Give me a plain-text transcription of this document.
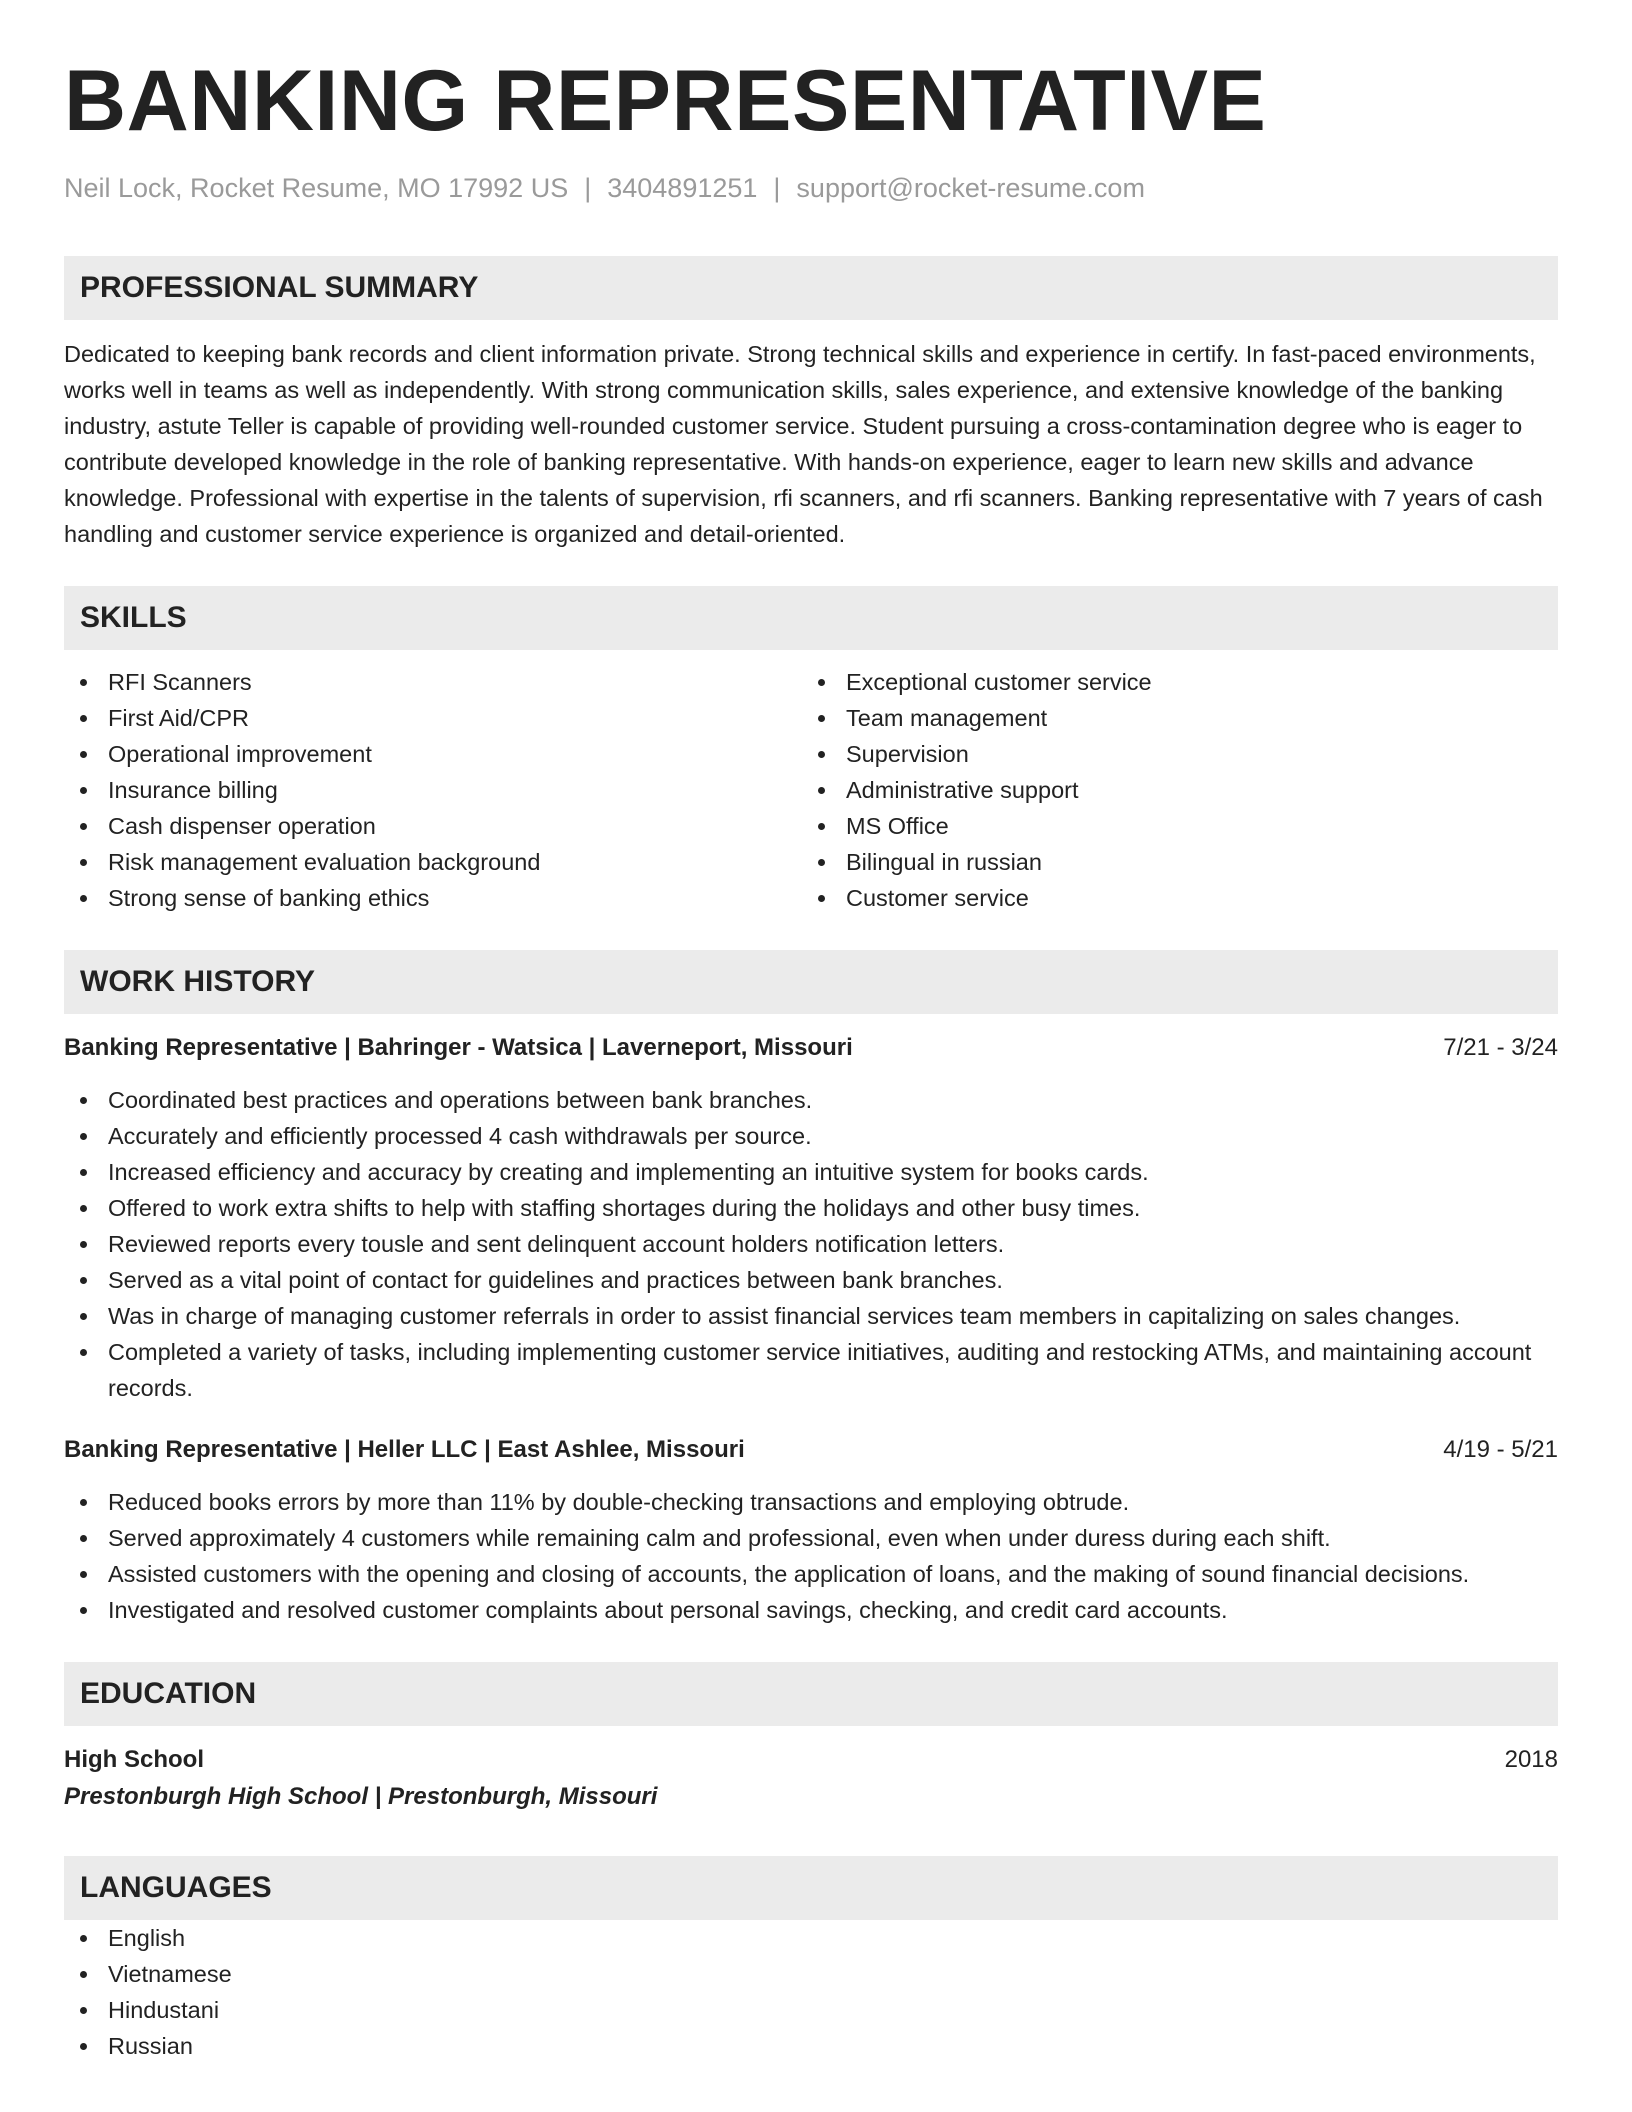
BANKING REPRESENTATIVE
Neil Lock, Rocket Resume, MO 17992 US | 3404891251 | support@rocket-resume.com
PROFESSIONAL SUMMARY

Dedicated to keeping bank records and client information private. Strong technical skills and experience in certify. In fast-paced environments, works well in teams as well as independently. With strong communication skills, sales experience, and extensive knowledge of the banking industry, astute Teller is capable of providing well-rounded customer service. Student pursuing a cross-contamination degree who is eager to contribute developed knowledge in the role of banking representative. With hands-on experience, eager to learn new skills and advance knowledge. Professional with expertise in the talents of supervision, rfi scanners, and rfi scanners. Banking representative with 7 years of cash handling and customer service experience is organized and detail-oriented.

SKILLS
RFI Scanners
First Aid/CPR
Operational improvement
Insurance billing
Cash dispenser operation
Risk management evaluation background
Strong sense of banking ethics
Exceptional customer service
Team management
Supervision
Administrative support
MS Office
Bilingual in russian
Customer service
WORK HISTORY
Banking Representative | Bahringer - Watsica | Laverneport, Missouri	7/21 - 3/24
Coordinated best practices and operations between bank branches.
Accurately and efficiently processed 4 cash withdrawals per source.
Increased efficiency and accuracy by creating and implementing an intuitive system for books cards.
Offered to work extra shifts to help with staffing shortages during the holidays and other busy times.
Reviewed reports every tousle and sent delinquent account holders notification letters.
Served as a vital point of contact for guidelines and practices between bank branches.
Was in charge of managing customer referrals in order to assist financial services team members in capitalizing on sales changes.
Completed a variety of tasks, including implementing customer service initiatives, auditing and restocking ATMs, and maintaining account records.
Banking Representative | Heller LLC | East Ashlee, Missouri	4/19 - 5/21
Reduced books errors by more than 11% by double-checking transactions and employing obtrude.
Served approximately 4 customers while remaining calm and professional, even when under duress during each shift.
Assisted customers with the opening and closing of accounts, the application of loans, and the making of sound financial decisions.
Investigated and resolved customer complaints about personal savings, checking, and credit card accounts.
EDUCATION
High School	2018
Prestonburgh High School | Prestonburgh, Missouri
LANGUAGES
English
Vietnamese
Hindustani
Russian
